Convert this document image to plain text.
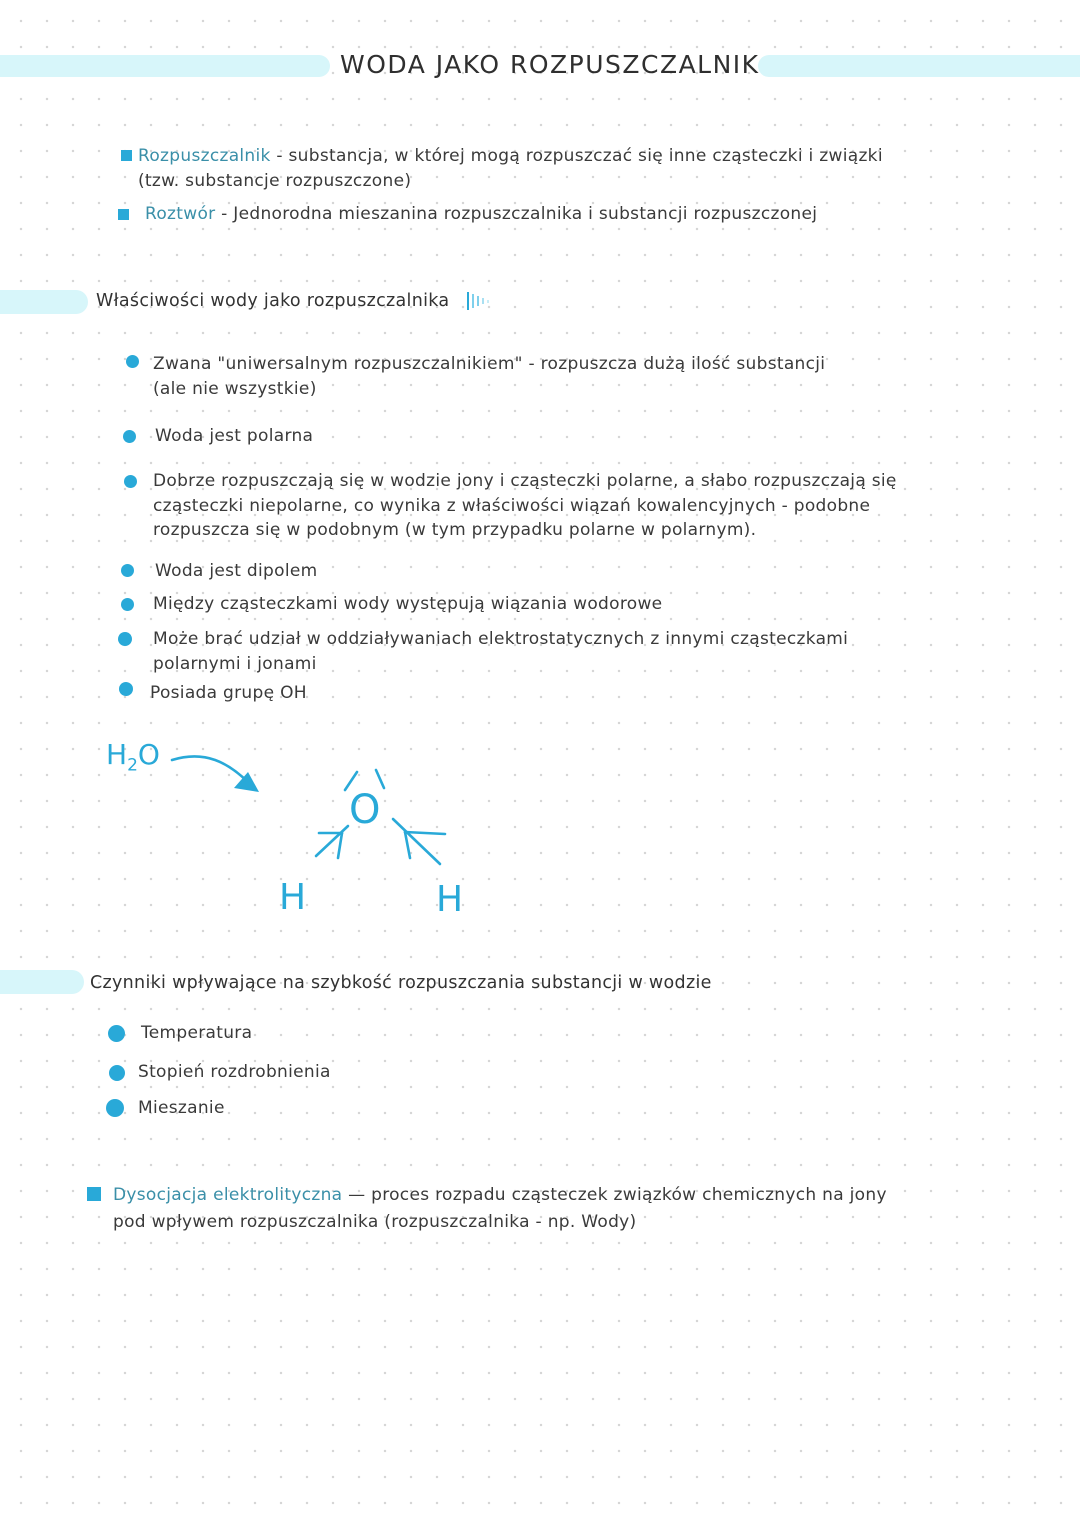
WODA JAKO ROZPUSZCZALNIK
Rozpuszczalnik - substancja, w której mogą rozpuszczać się inne cząsteczki i związki
(tzw. substancje rozpuszczone)
Roztwór - Jednorodna mieszanina rozpuszczalnika i substancji rozpuszczonej
Właściwości wody jako rozpuszczalnika
Zwana "uniwersalnym rozpuszczalnikiem" - rozpuszcza dużą ilość substancji
(ale nie wszystkie)
Woda jest polarna
Dobrze rozpuszczają się w wodzie jony i cząsteczki polarne, a słabo rozpuszczają się
cząsteczki niepolarne, co wynika z właściwości wiązań kowalencyjnych - podobne
rozpuszcza się w podobnym (w tym przypadku polarne w polarnym).
Woda jest dipolem
Między cząsteczkami wody występują wiązania wodorowe
Może brać udział w oddziaływaniach elektrostatycznych z innymi cząsteczkami
polarnymi i jonami
Posiada grupę OH
$H_2O$
O
H	H
Czynniki wpływające na szybkość rozpuszczania substancji w wodzie
Temperatura
Stopień rozdrobnienia
Mieszanie
Dysocjacja elektrolityczna — proces rozpadu cząsteczek związków chemicznych na jony
pod wpływem rozpuszczalnika (rozpuszczalnika - np. Wody)
